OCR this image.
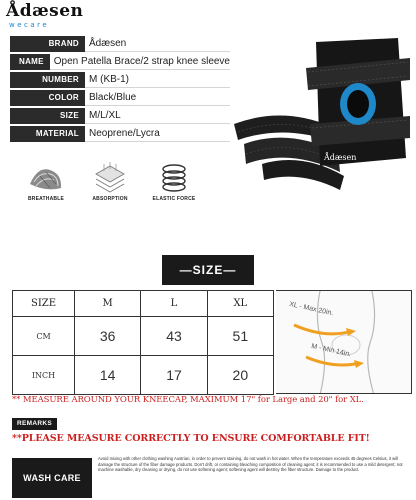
Ådæsen
wecare
BRAND	Ådæsen
NAME	Open Patella Brace/2 strap knee sleeve
NUMBER	M (KB-1)
COLOR	Black/Blue
SIZE	M/L/XL
MATERIAL	Neoprene/Lycra
Ådæsen
BREATHABLE	ABSORPTION	ELASTIC FORCE
—SIZE—
SIZE	M	L	XL
CM	36	43	51
INCH	14	17	20
XL - Max 20in.
M - Min 14in.
** MEASURE AROUND YOUR KNEECAP, MAXIMUM 17" for Large and 20" for XL.
REMARKS
**PLEASE MEASURE CORRECTLY TO ENSURE COMFORTABLE FIT!
WASH CARE
Avoid mixing with other clothing washing Austrian, in order to prevent staining, do not wash in hot water. When the temperature exceeds 45 degrees Celsius, it will damage the structure of the fiber damage products. Don't drift, or containing bleaching composition of cleaning agent; it is recommended to use a mild detergent; not machine washable, dry cleaning or drying, do not use softening agent; softening agent will destroy the fiber structure. Damage to the product.
